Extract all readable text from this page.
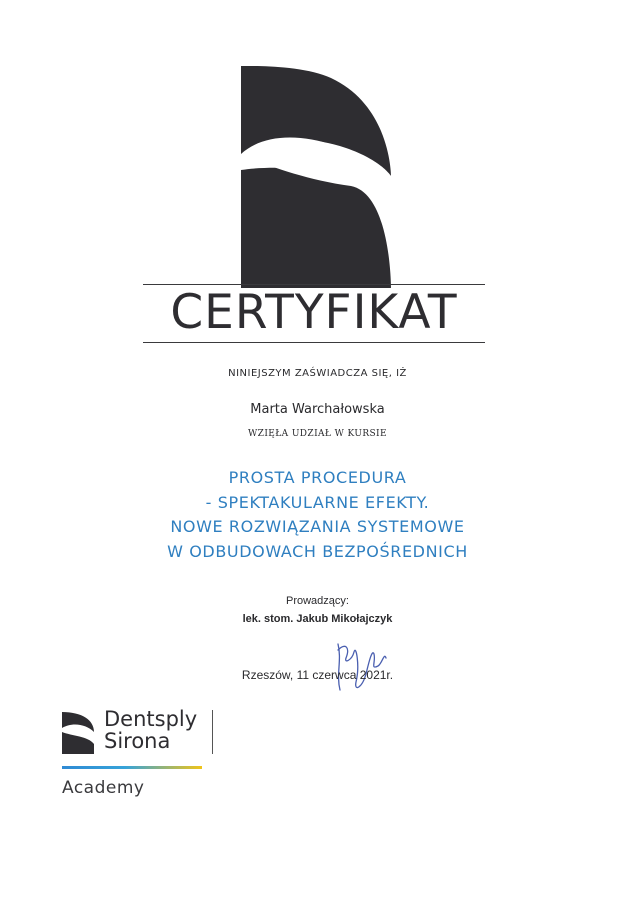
CERTYFIKAT
NINIEJSZYM ZAŚWIADCZA SIĘ, IŻ
Marta Warchałowska
WZIĘŁA UDZIAŁ W KURSIE
PROSTA PROCEDURA
- SPEKTAKULARNE EFEKTY.
NOWE ROZWIĄZANIA SYSTEMOWE
W ODBUDOWACH BEZPOŚREDNICH
Prowadzący:
lek. stom. Jakub Mikołajczyk
Rzeszów, 11 czerwca 2021r.
Dentsply
Sirona
Academy
